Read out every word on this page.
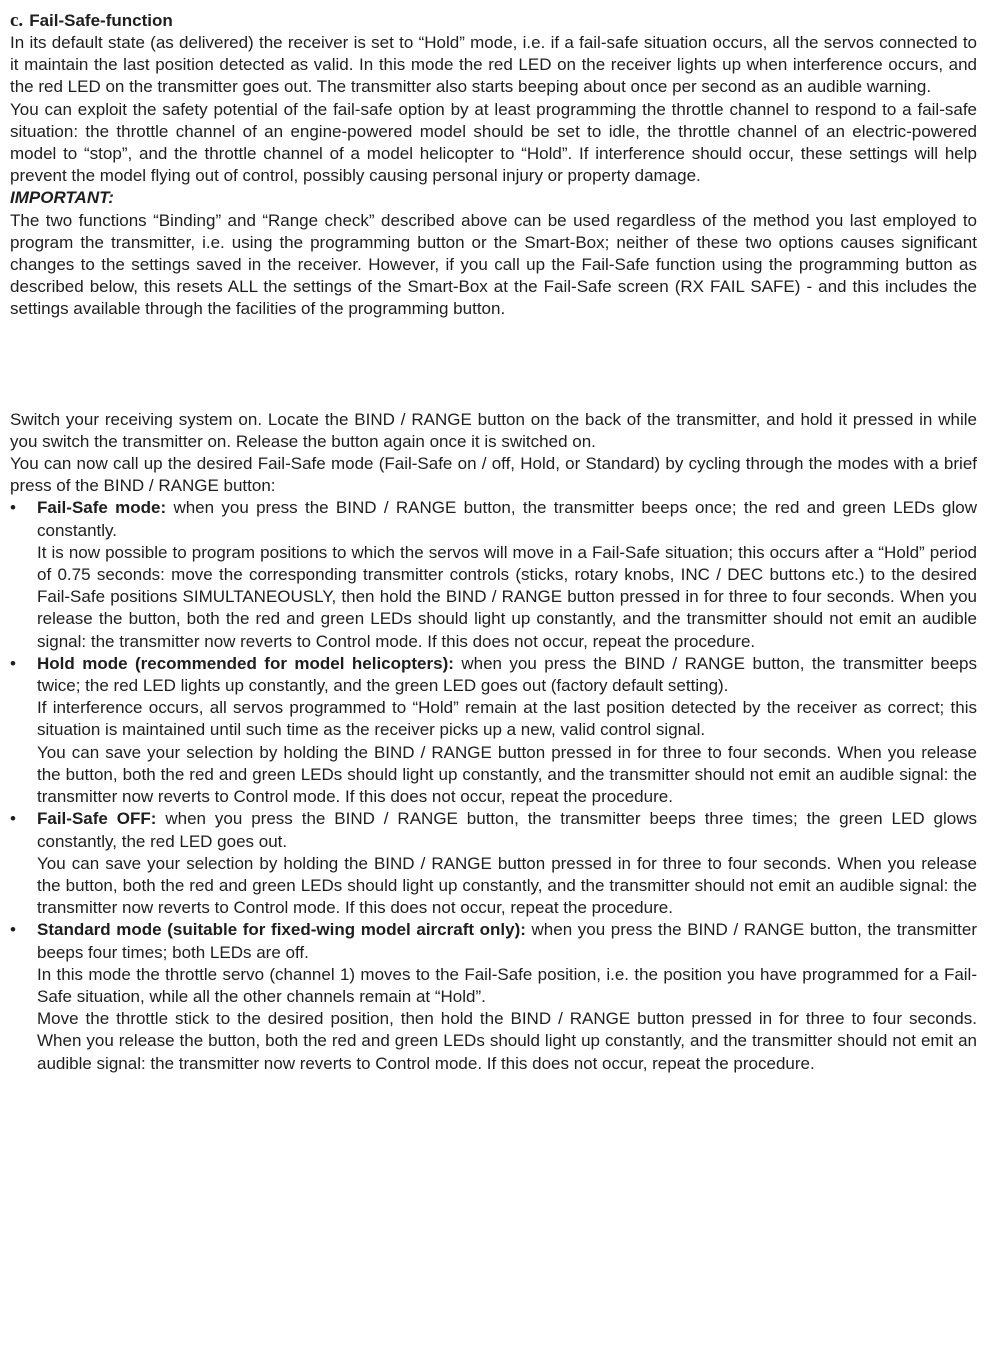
c. Fail-Safe-function

In its default state (as delivered) the receiver is set to “Hold” mode, i.e. if a fail-safe situation occurs, all the servos connected to it maintain the last position detected as valid. In this mode the red LED on the receiver lights up when interference occurs, and the red LED on the transmitter goes out. The transmitter also starts beeping about once per second as an audible warning.

You can exploit the safety potential of the fail-safe option by at least programming the throttle channel to respond to a fail-safe situation: the throttle channel of an engine-powered model should be set to idle, the throttle channel of an electric-powered model to “stop”, and the throttle channel of a model helicopter to “Hold”. If interference should occur, these settings will help prevent the model flying out of control, possibly causing personal injury or property damage.

IMPORTANT:

The two functions “Binding” and “Range check” described above can be used regardless of the method you last employed to program the transmitter, i.e. using the programming button or the Smart-Box; neither of these two options causes significant changes to the settings saved in the receiver. However, if you call up the Fail-Safe function using the programming button as described below, this resets ALL the settings of the Smart-Box at the Fail-Safe screen (RX FAIL SAFE) - and this includes the settings available through the facilities of the programming button.

Switch your receiving system on. Locate the BIND / RANGE button on the back of the transmitter, and hold it pressed in while you switch the transmitter on. Release the button again once it is switched on.

You can now call up the desired Fail-Safe mode (Fail-Safe on / off, Hold, or Standard) by cycling through the modes with a brief press of the BIND / RANGE button:

• Fail-Safe mode: when you press the BIND / RANGE button, the transmitter beeps once; the red and green LEDs glow constantly.

It is now possible to program positions to which the servos will move in a Fail-Safe situation; this occurs after a “Hold” period of 0.75 seconds: move the corresponding transmitter controls (sticks, rotary knobs, INC / DEC buttons etc.) to the desired Fail-Safe positions SIMULTANEOUSLY, then hold the BIND / RANGE button pressed in for three to four seconds. When you release the button, both the red and green LEDs should light up constantly, and the transmitter should not emit an audible signal: the transmitter now reverts to Control mode. If this does not occur, repeat the procedure.

• Hold mode (recommended for model helicopters): when you press the BIND / RANGE button, the transmitter beeps twice; the red LED lights up constantly, and the green LED goes out (factory default setting).

If interference occurs, all servos programmed to “Hold” remain at the last position detected by the receiver as correct; this situation is maintained until such time as the receiver picks up a new, valid control signal.

You can save your selection by holding the BIND / RANGE button pressed in for three to four seconds. When you release the button, both the red and green LEDs should light up constantly, and the transmitter should not emit an audible signal: the transmitter now reverts to Control mode. If this does not occur, repeat the procedure.

• Fail-Safe OFF: when you press the BIND / RANGE button, the transmitter beeps three times; the green LED glows constantly, the red LED goes out.

You can save your selection by holding the BIND / RANGE button pressed in for three to four seconds. When you release the button, both the red and green LEDs should light up constantly, and the transmitter should not emit an audible signal: the transmitter now reverts to Control mode. If this does not occur, repeat the procedure.

• Standard mode (suitable for fixed-wing model aircraft only): when you press the BIND / RANGE button, the transmitter beeps four times; both LEDs are off.

In this mode the throttle servo (channel 1) moves to the Fail-Safe position, i.e. the position you have programmed for a Fail-Safe situation, while all the other channels remain at “Hold”.

Move the throttle stick to the desired position, then hold the BIND / RANGE button pressed in for three to four seconds. When you release the button, both the red and green LEDs should light up constantly, and the transmitter should not emit an audible signal: the transmitter now reverts to Control mode. If this does not occur, repeat the procedure.
